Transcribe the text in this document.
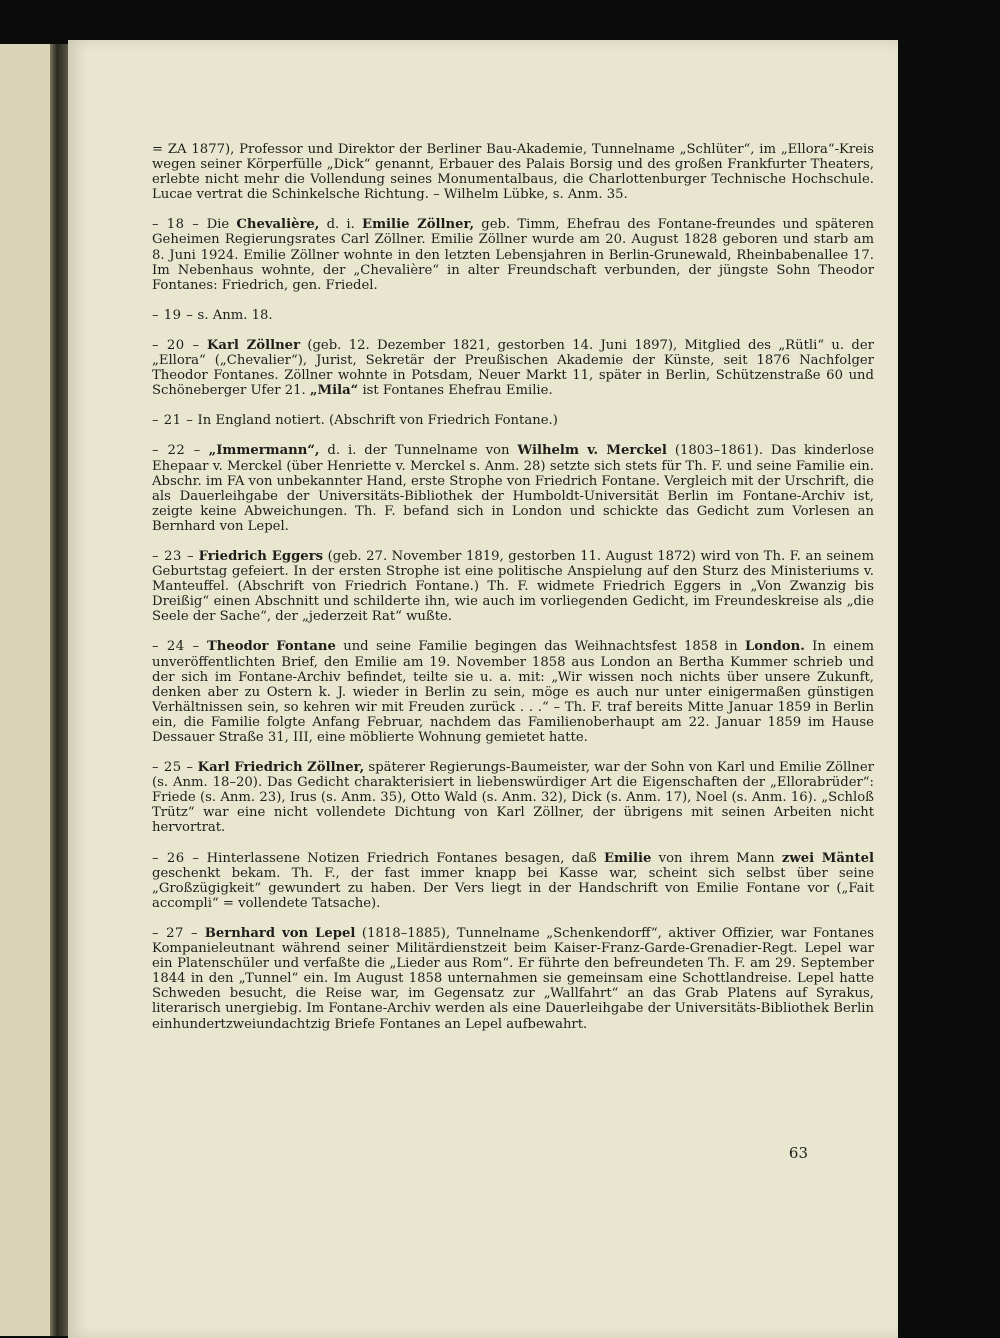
= ZA 1877), Professor und Direktor der Berliner Bau-Akademie, Tunnelname „Schlüter“, im „Ellora“-Kreis wegen seiner Körperfülle „Dick“ genannt, Erbauer des Palais Borsig und des großen Frankfurter Theaters, erlebte nicht mehr die Vollendung seines Monumentalbaus, die Charlottenburger Technische Hochschule. Lucae vertrat die Schinkelsche Richtung. – Wilhelm Lübke, s. Anm. 35.

– 18 – Die Chevalière, d. i. Emilie Zöllner, geb. Timm, Ehefrau des Fontane-freundes und späteren Geheimen Regierungsrates Carl Zöllner. Emilie Zöllner wurde am 20. August 1828 geboren und starb am 8. Juni 1924. Emilie Zöllner wohnte in den letzten Lebensjahren in Berlin-Grunewald, Rheinbabenallee 17. Im Nebenhaus wohnte, der „Chevalière“ in alter Freundschaft verbunden, der jüngste Sohn Theodor Fontanes: Friedrich, gen. Friedel.

– 19 – s. Anm. 18.

– 20 – Karl Zöllner (geb. 12. Dezember 1821, gestorben 14. Juni 1897), Mitglied des „Rütli“ u. der „Ellora“ („Chevalier“), Jurist, Sekretär der Preußischen Akademie der Künste, seit 1876 Nachfolger Theodor Fontanes. Zöllner wohnte in Potsdam, Neuer Markt 11, später in Berlin, Schützenstraße 60 und Schöneberger Ufer 21. „Mila“ ist Fontanes Ehefrau Emilie.

– 21 – In England notiert. (Abschrift von Friedrich Fontane.)

– 22 – „Immermann“, d. i. der Tunnelname von Wilhelm v. Merckel (1803–1861). Das kinderlose Ehepaar v. Merckel (über Henriette v. Merckel s. Anm. 28) setzte sich stets für Th. F. und seine Familie ein. Abschr. im FA von unbekannter Hand, erste Strophe von Friedrich Fontane. Vergleich mit der Urschrift, die als Dauerleihgabe der Universitäts-Bibliothek der Humboldt-Universität Berlin im Fontane-Archiv ist, zeigte keine Abweichungen. Th. F. befand sich in London und schickte das Gedicht zum Vorlesen an Bernhard von Lepel.

– 23 – Friedrich Eggers (geb. 27. November 1819, gestorben 11. August 1872) wird von Th. F. an seinem Geburtstag gefeiert. In der ersten Strophe ist eine politische Anspielung auf den Sturz des Ministeriums v. Manteuffel. (Abschrift von Friedrich Fontane.) Th. F. widmete Friedrich Eggers in „Von Zwanzig bis Dreißig“ einen Abschnitt und schilderte ihn, wie auch im vorliegenden Gedicht, im Freundeskreise als „die Seele der Sache“, der „jederzeit Rat“ wußte.

– 24 – Theodor Fontane und seine Familie begingen das Weihnachtsfest 1858 in London. In einem unveröffentlichten Brief, den Emilie am 19. November 1858 aus London an Bertha Kummer schrieb und der sich im Fontane-Archiv befindet, teilte sie u. a. mit: „Wir wissen noch nichts über unsere Zukunft, denken aber zu Ostern k. J. wieder in Berlin zu sein, möge es auch nur unter einigermaßen günstigen Verhältnissen sein, so kehren wir mit Freuden zurück . . .“ – Th. F. traf bereits Mitte Januar 1859 in Berlin ein, die Familie folgte Anfang Februar, nachdem das Familienoberhaupt am 22. Januar 1859 im Hause Dessauer Straße 31, III, eine möblierte Wohnung gemietet hatte.

– 25 – Karl Friedrich Zöllner, späterer Regierungs-Baumeister, war der Sohn von Karl und Emilie Zöllner (s. Anm. 18–20). Das Gedicht charakterisiert in liebenswürdiger Art die Eigenschaften der „Ellorabrüder“: Friede (s. Anm. 23), Irus (s. Anm. 35), Otto Wald (s. Anm. 32), Dick (s. Anm. 17), Noel (s. Anm. 16). „Schloß Trütz“ war eine nicht vollendete Dichtung von Karl Zöllner, der übrigens mit seinen Arbeiten nicht hervortrat.

– 26 – Hinterlassene Notizen Friedrich Fontanes besagen, daß Emilie von ihrem Mann zwei Mäntel geschenkt bekam. Th. F., der fast immer knapp bei Kasse war, scheint sich selbst über seine „Großzügigkeit“ gewundert zu haben. Der Vers liegt in der Handschrift von Emilie Fontane vor („Fait accompli“ = vollendete Tatsache).

– 27 – Bernhard von Lepel (1818–1885), Tunnelname „Schenkendorff“, aktiver Offizier, war Fontanes Kompanieleutnant während seiner Militärdienstzeit beim Kaiser-Franz-Garde-Grenadier-Regt. Lepel war ein Platenschüler und verfaßte die „Lieder aus Rom“. Er führte den befreundeten Th. F. am 29. September 1844 in den „Tunnel“ ein. Im August 1858 unternahmen sie gemeinsam eine Schottlandreise. Lepel hatte Schweden besucht, die Reise war, im Gegensatz zur „Wallfahrt“ an das Grab Platens auf Syrakus, literarisch unergiebig. Im Fontane-Archiv werden als eine Dauerleihgabe der Universitäts-Bibliothek Berlin einhundertzweiundachtzig Briefe Fontanes an Lepel aufbewahrt.

63
